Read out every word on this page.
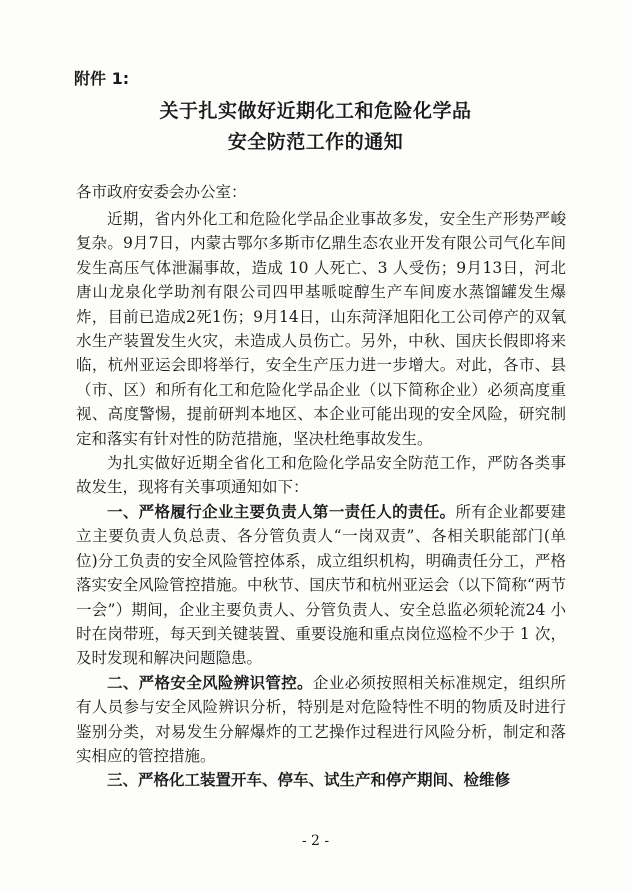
附件 1:
关于扎实做好近期化工和危险化学品
安全防范工作的通知
各市政府安委会办公室：

近期，省内外化工和危险化学品企业事故多发，安全生产形势严峻复杂。9月7日，内蒙古鄂尔多斯市亿鼎生态农业开发有限公司气化车间发生高压气体泄漏事故，造成 10 人死亡、3 人受伤；9月13日，河北唐山龙泉化学助剂有限公司四甲基哌啶醇生产车间废水蒸馏罐发生爆炸，目前已造成2死1伤；9月14日，山东菏泽旭阳化工公司停产的双氧水生产装置发生火灾，未造成人员伤亡。另外，中秋、国庆长假即将来临，杭州亚运会即将举行，安全生产压力进一步增大。对此，各市、县（市、区）和所有化工和危险化学品企业（以下简称企业）必须高度重视、高度警惕，提前研判本地区、本企业可能出现的安全风险，研究制定和落实有针对性的防范措施，坚决杜绝事故发生。

为扎实做好近期全省化工和危险化学品安全防范工作，严防各类事故发生，现将有关事项通知如下：

一、严格履行企业主要负责人第一责任人的责任。所有企业都要建立主要负责人负总责、各分管负责人“一岗双责”、各相关职能部门(单位)分工负责的安全风险管控体系，成立组织机构，明确责任分工，严格落实安全风险管控措施。中秋节、国庆节和杭州亚运会（以下简称“两节一会”）期间，企业主要负责人、分管负责人、安全总监必须轮流24 小时在岗带班，每天到关键装置、重要设施和重点岗位巡检不少于 1 次，及时发现和解决问题隐患。

二、严格安全风险辨识管控。企业必须按照相关标准规定，组织所有人员参与安全风险辨识分析，特别是对危险特性不明的物质及时进行鉴别分类，对易发生分解爆炸的工艺操作过程进行风险分析，制定和落实相应的管控措施。

三、严格化工装置开车、停车、试生产和停产期间、检维修

- 2 -
